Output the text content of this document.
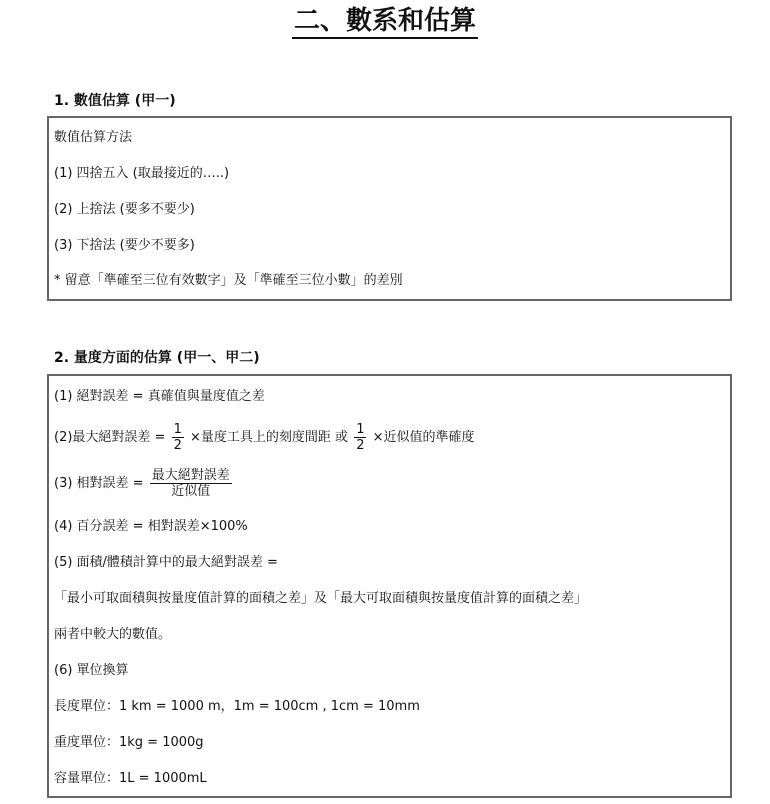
二、數系和估算
1. 數值估算 (甲一)
數值估算方法
(1) 四捨五入 (取最接近的…..)
(2) 上捨法 (要多不要少)
(3) 下捨法 (要少不要多)
* 留意「準確至三位有效數字」及「準確至三位小數」的差別
2. 量度方面的估算 (甲一、甲二)
(1) 絕對誤差 = 真確值與量度值之差
(2)最大絕對誤差 = $\frac{1}{2}$ ×量度工具上的刻度間距 或 $\frac{1}{2}$ ×近似值的準確度
(3) 相對誤差 = $\frac{\text{最大絕對誤差}}{\text{近似值}}$
(4) 百分誤差 = 相對誤差×100%
(5) 面積/體積計算中的最大絕對誤差 =
「最小可取面積與按量度值計算的面積之差」及「最大可取面積與按量度值計算的面積之差」
兩者中較大的數值。
(6) 單位換算
長度單位：1 km = 1000 m，1m = 100cm , 1cm = 10mm
重度單位：1kg = 1000g
容量單位：1L = 1000mL
